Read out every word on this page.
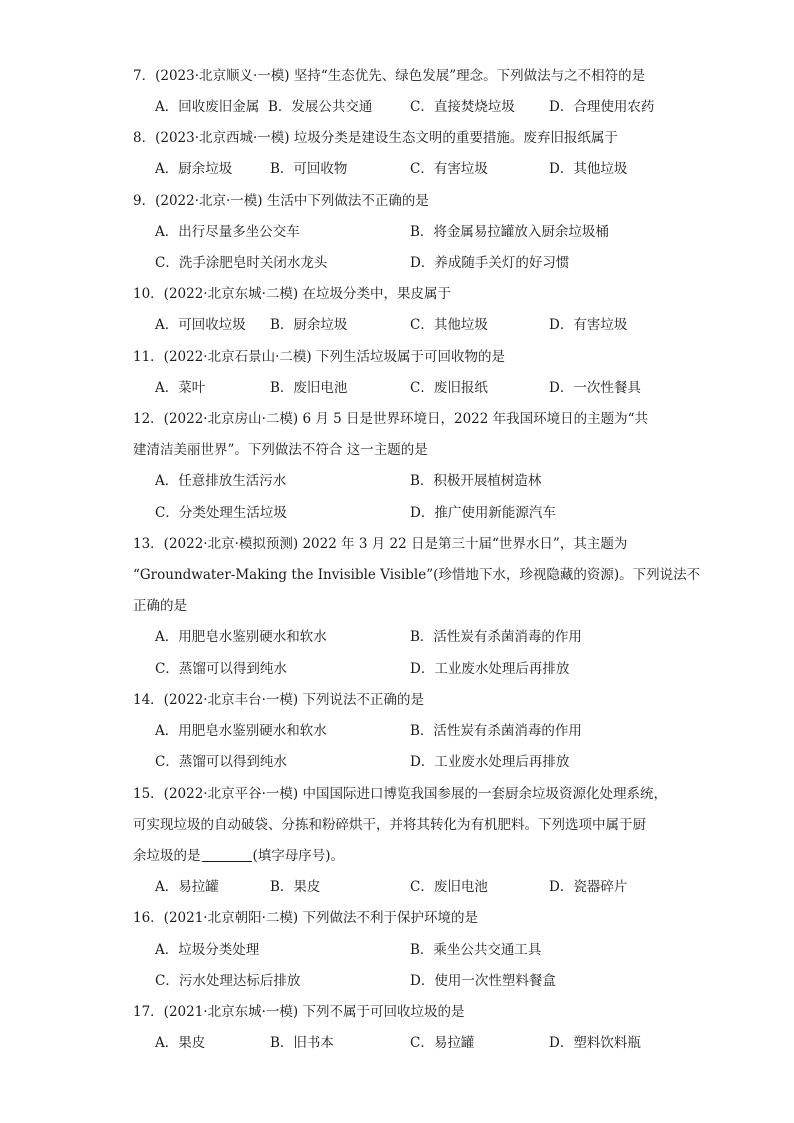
7．(2023·北京顺义·一模) 坚持“生态优先、绿色发展”理念。下列做法与之不相符的是
A．回收废旧金属 B．发展公共交通	C．直接焚烧垃圾	D．合理使用农药
8．(2023·北京西城·一模) 垃圾分类是建设生态文明的重要措施。废弃旧报纸属于
A．厨余垃圾	B．可回收物	C．有害垃圾	D．其他垃圾
9．(2022·北京·一模) 生活中下列做法不正确的是
A．出行尽量多坐公交车	B．将金属易拉罐放入厨余垃圾桶
C．洗手涂肥皂时关闭水龙头	D．养成随手关灯的好习惯
10．(2022·北京东城·二模) 在垃圾分类中，果皮属于
A．可回收垃圾 B．厨余垃圾	C．其他垃圾	D．有害垃圾
11．(2022·北京石景山·二模) 下列生活垃圾属于可回收物的是
A．菜叶	B．废旧电池	C．废旧报纸	D．一次性餐具
12．(2022·北京房山·二模) 6 月 5 日是世界环境日，2022 年我国环境日的主题为“共
建清洁美丽世界”。下列做法不符合 这一主题的是
A．任意排放生活污水	B．积极开展植树造林
C．分类处理生活垃圾	D．推广使用新能源汽车
13．(2022·北京·模拟预测) 2022 年 3 月 22 日是第三十届“世界水日”，其主题为
“Groundwater-Making the Invisible Visible”(珍惜地下水，珍视隐藏的资源)。下列说法不
正确的是
A．用肥皂水鉴别硬水和软水	B．活性炭有杀菌消毒的作用
C．蒸馏可以得到纯水	D．工业废水处理后再排放
14．(2022·北京丰台·一模) 下列说法不正确的是
A．用肥皂水鉴别硬水和软水	B．活性炭有杀菌消毒的作用
C．蒸馏可以得到纯水	D．工业废水处理后再排放
15．(2022·北京平谷·一模) 中国国际进口博览我国参展的一套厨余垃圾资源化处理系统，
可实现垃圾的自动破袋、分拣和粉碎烘干，并将其转化为有机肥料。下列选项中属于厨
余垃圾的是	(填字母序号)。
A．易拉罐	B．果皮	C．废旧电池	D．瓷器碎片
16．(2021·北京朝阳·二模) 下列做法不利于保护环境的是
A．垃圾分类处理	B．乘坐公共交通工具
C．污水处理达标后排放	D．使用一次性塑料餐盒
17．(2021·北京东城·一模) 下列不属于可回收垃圾的是
A．果皮	B．旧书本	C．易拉罐	D．塑料饮料瓶
